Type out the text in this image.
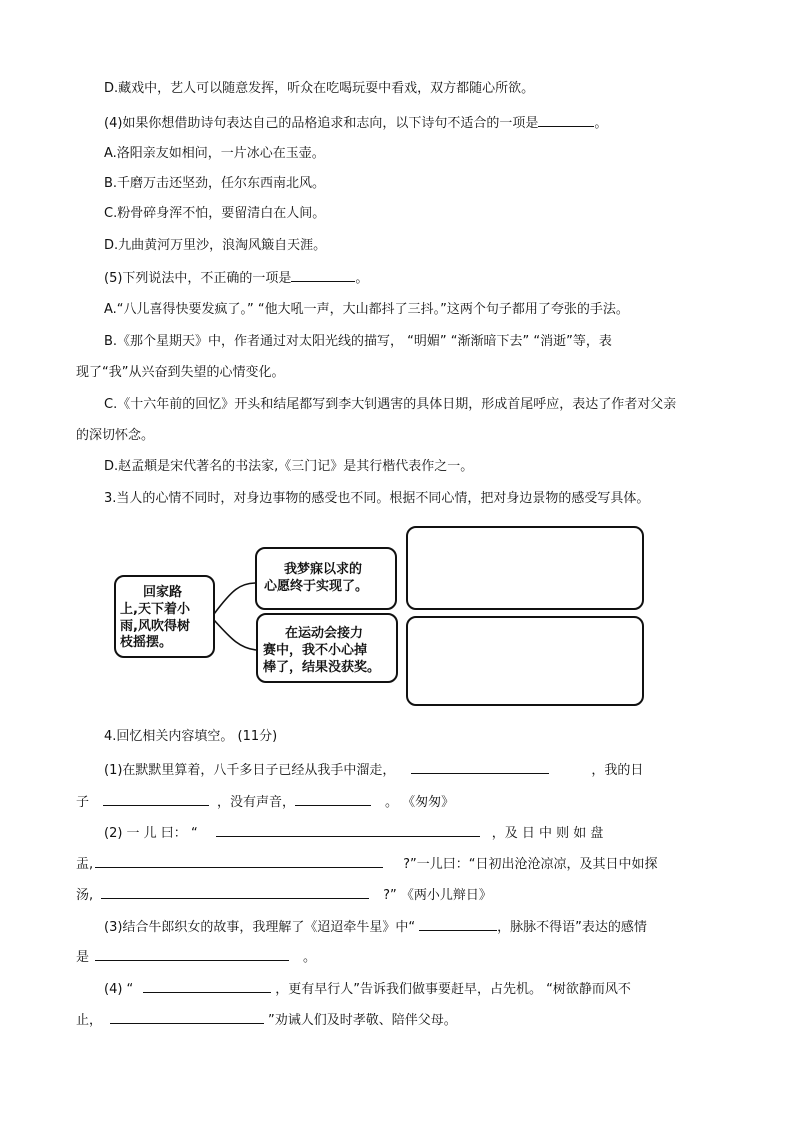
D.藏戏中，艺人可以随意发挥，听众在吃喝玩耍中看戏，双方都随心所欲。
(4)如果你想借助诗句表达自己的品格追求和志向，以下诗句不适合的一项是	。
A.洛阳亲友如相问，一片冰心在玉壶。
B.千磨万击还坚劲，任尔东西南北风。
C.粉骨碎身浑不怕，要留清白在人间。
D.九曲黄河万里沙，浪淘风簸自天涯。
(5)下列说法中，不正确的一项是	。
A.“八儿喜得快要发疯了。” “他大吼一声，大山都抖了三抖。”这两个句子都用了夸张的手法。
B.《那个星期天》中，作者通过对太阳光线的描写， “明媚” “渐渐暗下去” “消逝”等，表
现了“我”从兴奋到失望的心情变化。
C.《十六年前的回忆》开头和结尾都写到李大钊遇害的具体日期，形成首尾呼应，表达了作者对父亲
的深切怀念。
D.赵孟頫是宋代著名的书法家,《三门记》是其行楷代表作之一。
3.当人的心情不同时，对身边事物的感受也不同。根据不同心情，把对身边景物的感受写具体。
回家路
上,天下着小
雨,风吹得树
枝摇摆。
我梦寐以求的
心愿终于实现了。
在运动会接力
赛中，我不小心掉
棒了，结果没获奖。
4.回忆相关内容填空。 (11分)
(1)在默默里算着，八千多日子已经从我手中溜走，	，我的日
子	，没有声音，	。 《匆匆》
(2) 一 儿 曰： “	，及 日 中 则 如 盘
盂,	?”一儿曰：“日初出沧沧凉凉，及其日中如探
汤,	?” 《两小儿辩日》
(3)结合牛郎织女的故事，我理解了《迢迢牵牛星》中“	，脉脉不得语”表达的感情
是	。
(4) “	，更有早行人”告诉我们做事要赶早，占先机。 “树欲静而风不
止，	”劝诫人们及时孝敬、陪伴父母。
